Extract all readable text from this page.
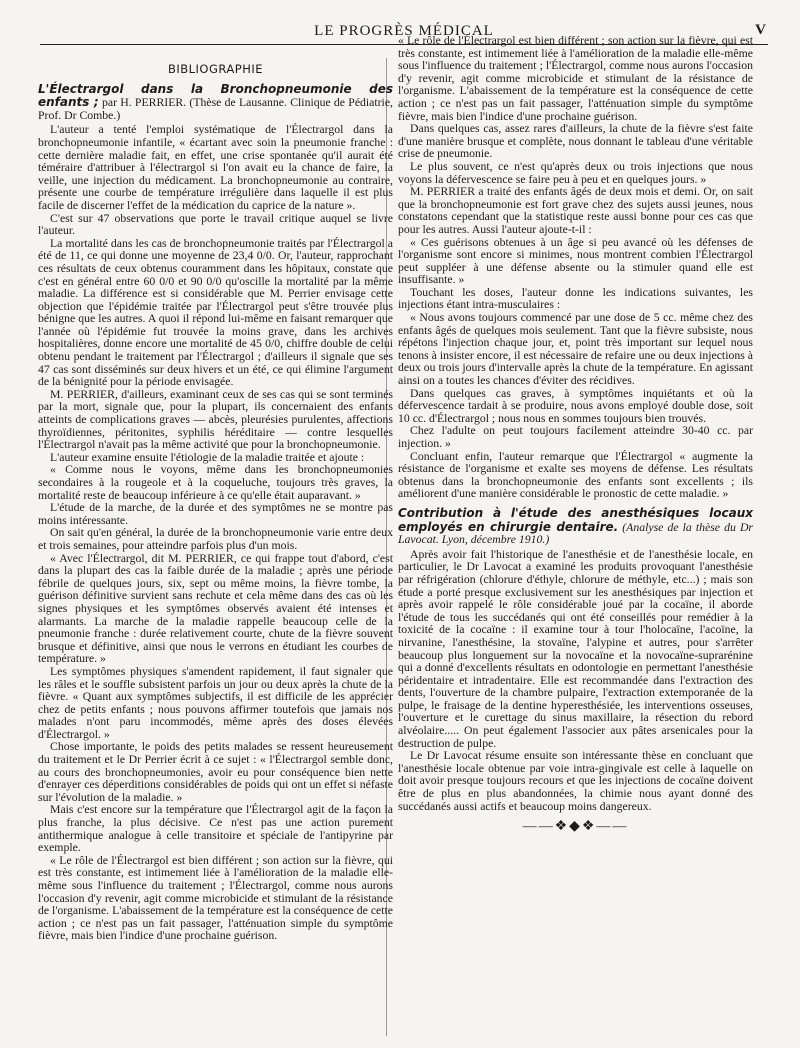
LE PROGRÈS MÉDICAL	V
BIBLIOGRAPHIE

L'Électrargol dans la Bronchopneumonie des enfants ; par H. PERRIER. (Thèse de Lausanne. Clinique de Pédiatrie, Prof. Dr Combe.)

L'auteur a tenté l'emploi systématique de l'Électrargol dans la bronchopneumonie infantile, « écartant avec soin la pneumonie franche : cette dernière maladie fait, en effet, une crise spontanée qu'il aurait été téméraire d'attribuer à l'électrargol si l'on avait eu la chance de faire, la veille, une injection du médicament. La bronchopneumonie au contraire, présente une courbe de température irrégulière dans laquelle il est plus facile de discerner l'effet de la médication du caprice de la nature ».

C'est sur 47 observations que porte le travail critique auquel se livre l'auteur.

La mortalité dans les cas de bronchopneumonie traités par l'Électrargol a été de 11, ce qui donne une moyenne de 23,4 0/0. Or, l'auteur, rapprochant ces résultats de ceux obtenus couramment dans les hôpitaux, constate que c'est en général entre 60 0/0 et 90 0/0 qu'oscille la mortalité par la même maladie. La différence est si considérable que M. Perrier envisage cette objection que l'épidémie traitée par l'Électrargol peut s'être trouvée plus bénigne que les autres. A quoi il répond lui-même en faisant remarquer que l'année où l'épidémie fut trouvée la moins grave, dans les archives hospitalières, donne encore une mortalité de 45 0/0, chiffre double de celui obtenu pendant le traitement par l'Électrargol ; d'ailleurs il signale que ses 47 cas sont disséminés sur deux hivers et un été, ce qui élimine l'argument de la bénignité pour la période envisagée.

M. PERRIER, d'ailleurs, examinant ceux de ses cas qui se sont terminés par la mort, signale que, pour la plupart, ils concernaient des enfants atteints de complications graves — abcès, pleurésies purulentes, affections thyroïdiennes, péritonites, syphilis héréditaire — contre lesquelles l'Électrargol n'avait pas la même activité que pour la bronchopneumonie.

L'auteur examine ensuite l'étiologie de la maladie traitée et ajoute :

« Comme nous le voyons, même dans les bronchopneumonies secondaires à la rougeole et à la coqueluche, toujours très graves, la mortalité reste de beaucoup inférieure à ce qu'elle était auparavant. »

L'étude de la marche, de la durée et des symptômes ne se montre pas moins intéressante.

On sait qu'en général, la durée de la bronchopneumonie varie entre deux et trois semaines, pour atteindre parfois plus d'un mois.

« Avec l'Électrargol, dit M. PERRIER, ce qui frappe tout d'abord, c'est dans la plupart des cas la faible durée de la maladie ; après une période fébrile de quelques jours, six, sept ou même moins, la fièvre tombe, la guérison définitive survient sans rechute et cela même dans des cas où les signes physiques et les symptômes observés avaient été intenses et alarmants. La marche de la maladie rappelle beaucoup celle de la pneumonie franche : durée relativement courte, chute de la fièvre souvent brusque et définitive, ainsi que nous le verrons en étudiant les courbes de température. »

Les symptômes physiques s'amendent rapidement, il faut signaler que les râles et le souffle subsistent parfois un jour ou deux après la chute de la fièvre. « Quant aux symptômes subjectifs, il est difficile de les apprécier chez de petits enfants ; nous pouvons affirmer toutefois que jamais nos malades n'ont paru incommodés, même après des doses élevées d'Électrargol. »

Chose importante, le poids des petits malades se ressent heureusement du traitement et le Dr Perrier écrit à ce sujet : « l'Électrargol semble donc, au cours des bronchopneumonies, avoir eu pour conséquence bien nette d'enrayer ces déperditions considérables de poids qui ont un effet si néfaste sur l'évolution de la maladie. »

Mais c'est encore sur la température que l'Électrargol agit de la façon la plus franche, la plus décisive. Ce n'est pas une action purement antithermique analogue à celle transitoire et spéciale de l'antipyrine par exemple.

« Le rôle de l'Électrargol est bien différent ; son action sur la fièvre, qui est très constante, est intimement liée à l'amélioration de la maladie elle-même sous l'influence du traitement ; l'Électrargol, comme nous aurons l'occasion d'y revenir, agit comme microbicide et stimulant de la résistance de l'organisme. L'abaissement de la température est la conséquence de cette action ; ce n'est pas un fait passager, l'atténuation simple du symptôme fièvre, mais bien l'indice d'une prochaine guérison.

« Le rôle de l'Électrargol est bien différent ; son action sur la fièvre, qui est très constante, est intimement liée à l'amélioration de la maladie elle-même sous l'influence du traitement ; l'Électrargol, comme nous aurons l'occasion d'y revenir, agit comme microbicide et stimulant de la résistance de l'organisme. L'abaissement de la température est la conséquence de cette action ; ce n'est pas un fait passager, l'atténuation simple du symptôme fièvre, mais bien l'indice d'une prochaine guérison.

Dans quelques cas, assez rares d'ailleurs, la chute de la fièvre s'est faite d'une manière brusque et complète, nous donnant le tableau d'une véritable crise de pneumonie.

Le plus souvent, ce n'est qu'après deux ou trois injections que nous voyons la défervescence se faire peu à peu et en quelques jours. »

M. PERRIER a traité des enfants âgés de deux mois et demi. Or, on sait que la bronchopneumonie est fort grave chez des sujets aussi jeunes, nous constatons cependant que la statistique reste aussi bonne pour ces cas que pour les autres. Aussi l'auteur ajoute-t-il :

« Ces guérisons obtenues à un âge si peu avancé où les défenses de l'organisme sont encore si minimes, nous montrent combien l'Électrargol peut suppléer à une défense absente ou la stimuler quand elle est insuffisante. »

Touchant les doses, l'auteur donne les indications suivantes, les injections étant intra-musculaires :

« Nous avons toujours commencé par une dose de 5 cc. même chez des enfants âgés de quelques mois seulement. Tant que la fièvre subsiste, nous répétons l'injection chaque jour, et, point très important sur lequel nous tenons à insister encore, il est nécessaire de refaire une ou deux injections à deux ou trois jours d'intervalle après la chute de la température. En agissant ainsi on a toutes les chances d'éviter des récidives.

Dans quelques cas graves, à symptômes inquiétants et où la défervescence tardait à se produire, nous avons employé double dose, soit 10 cc. d'Électrargol ; nous nous en sommes toujours bien trouvés.

Chez l'adulte on peut toujours facilement atteindre 30-40 cc. par injection. »

Concluant enfin, l'auteur remarque que l'Électrargol « augmente la résistance de l'organisme et exalte ses moyens de défense. Les résultats obtenus dans la bronchopneumonie des enfants sont excellents ; ils améliorent d'une manière considérable le pronostic de cette maladie. »

Contribution à l'étude des anesthésiques locaux employés en chirurgie dentaire. (Analyse de la thèse du Dr Lavocat. Lyon, décembre 1910.)

Après avoir fait l'historique de l'anesthésie et de l'anesthésie locale, en particulier, le Dr Lavocat a examiné les produits provoquant l'anesthésie par réfrigération (chlorure d'éthyle, chlorure de méthyle, etc...) ; mais son étude a porté presque exclusivement sur les anesthésiques par injection et après avoir rappelé le rôle considérable joué par la cocaïne, il aborde l'étude de tous les succédanés qui ont été conseillés pour remédier à la toxicité de la cocaïne : il examine tour à tour l'holocaïne, l'acoïne, la nirvanine, l'anesthésine, la stovaïne, l'alypine et autres, pour s'arrêter beaucoup plus longuement sur la novocaïne et la novocaïne-suprarénine qui a donné d'excellents résultats en odontologie en permettant l'anesthésie péridentaire et intradentaire. Elle est recommandée dans l'extraction des dents, l'ouverture de la chambre pulpaire, l'extraction extemporanée de la pulpe, le fraisage de la dentine hyperesthésiée, les interventions osseuses, l'ouverture et le curettage du sinus maxillaire, la résection du rebord alvéolaire..... On peut également l'associer aux pâtes arsenicales pour la destruction de pulpe.

Le Dr Lavocat résume ensuite son intéressante thèse en concluant que l'anesthésie locale obtenue par voie intra-gingivale est celle à laquelle on doit avoir presque toujours recours et que les injections de cocaïne doivent être de plus en plus abandonnées, la chimie nous ayant donné des succédanés aussi actifs et beaucoup moins dangereux.

——❖◆❖——
